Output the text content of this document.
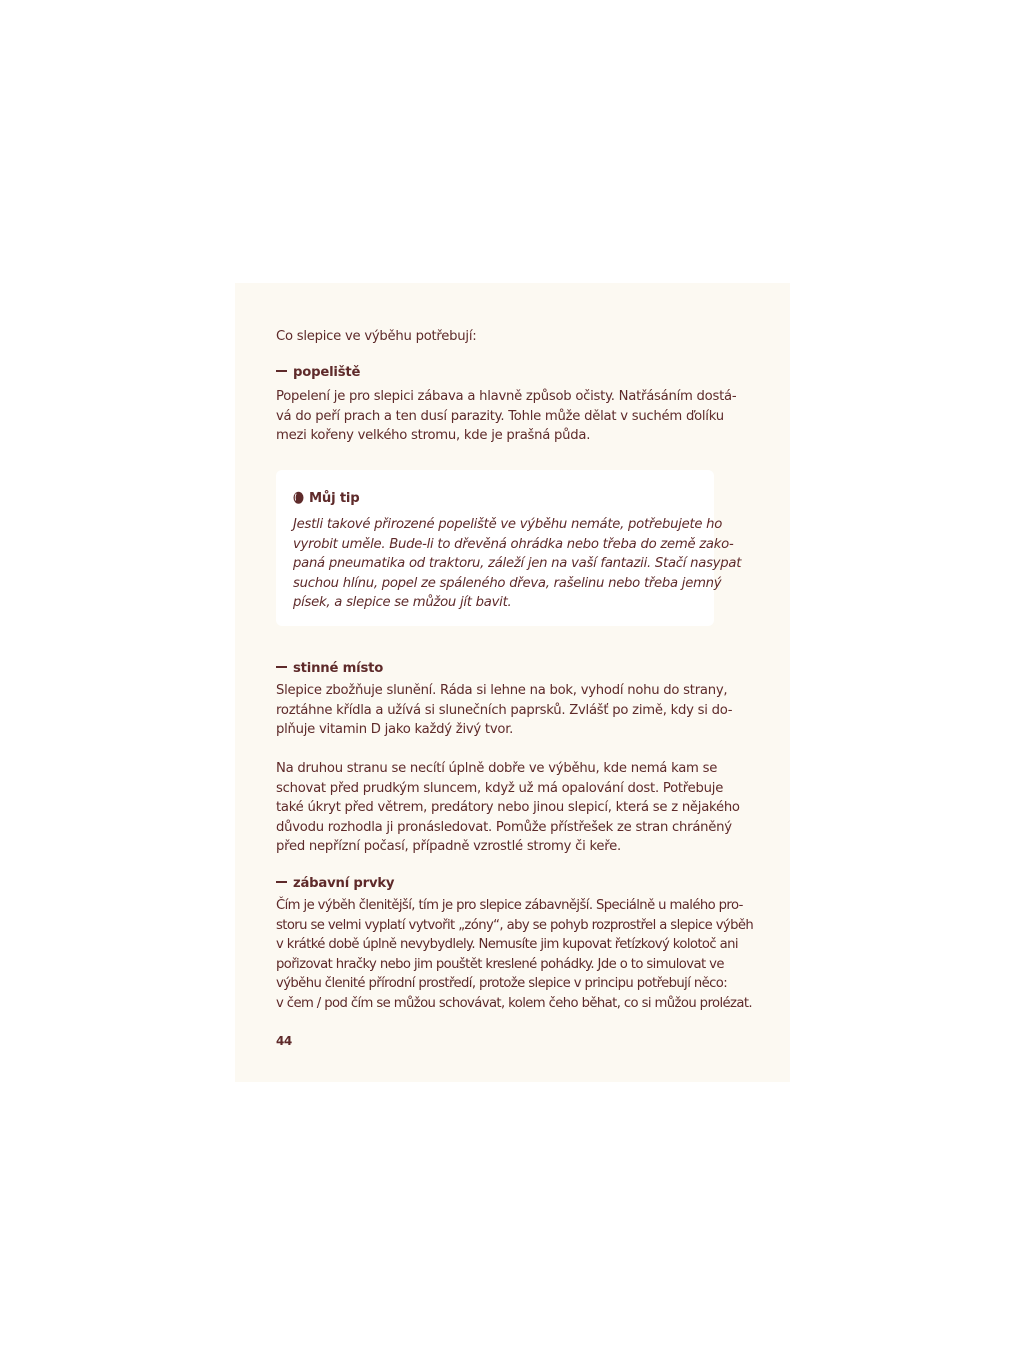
Co slepice ve výběhu potřebují:

popeliště
Popelení je pro slepici zábava a hlavně způsob očisty. Natřásáním dostá-
vá do peří prach a ten dusí parazity. Tohle může dělat v suchém ďolíku
mezi kořeny velkého stromu, kde je prašná půda.
Můj tip
Jestli takové přirozené popeliště ve výběhu nemáte, potřebujete ho
vyrobit uměle. Bude-li to dřevěná ohrádka nebo třeba do země zako-
paná pneumatika od traktoru, záleží jen na vaší fantazii. Stačí nasypat
suchou hlínu, popel ze spáleného dřeva, rašelinu nebo třeba jemný
písek, a slepice se můžou jít bavit.
stinné místo
Slepice zbožňuje slunění. Ráda si lehne na bok, vyhodí nohu do strany,
roztáhne křídla a užívá si slunečních paprsků. Zvlášť po zimě, kdy si do-
plňuje vitamin D jako každý živý tvor.
Na druhou stranu se necítí úplně dobře ve výběhu, kde nemá kam se
schovat před prudkým sluncem, když už má opalování dost. Potřebuje
také úkryt před větrem, predátory nebo jinou slepicí, která se z nějakého
důvodu rozhodla ji pronásledovat. Pomůže přístřešek ze stran chráněný
před nepřízní počasí, případně vzrostlé stromy či keře.
zábavní prvky
Čím je výběh členitější, tím je pro slepice zábavnější. Speciálně u malého pro-
storu se velmi vyplatí vytvořit „zóny“, aby se pohyb rozprostřel a slepice výběh
v krátké době úplně nevybydlely. Nemusíte jim kupovat řetízkový kolotoč ani
pořizovat hračky nebo jim pouštět kreslené pohádky. Jde o to simulovat ve
výběhu členité přírodní prostředí, protože slepice v principu potřebují něco:
v čem / pod čím se můžou schovávat, kolem čeho běhat, co si můžou prolézat.
44
